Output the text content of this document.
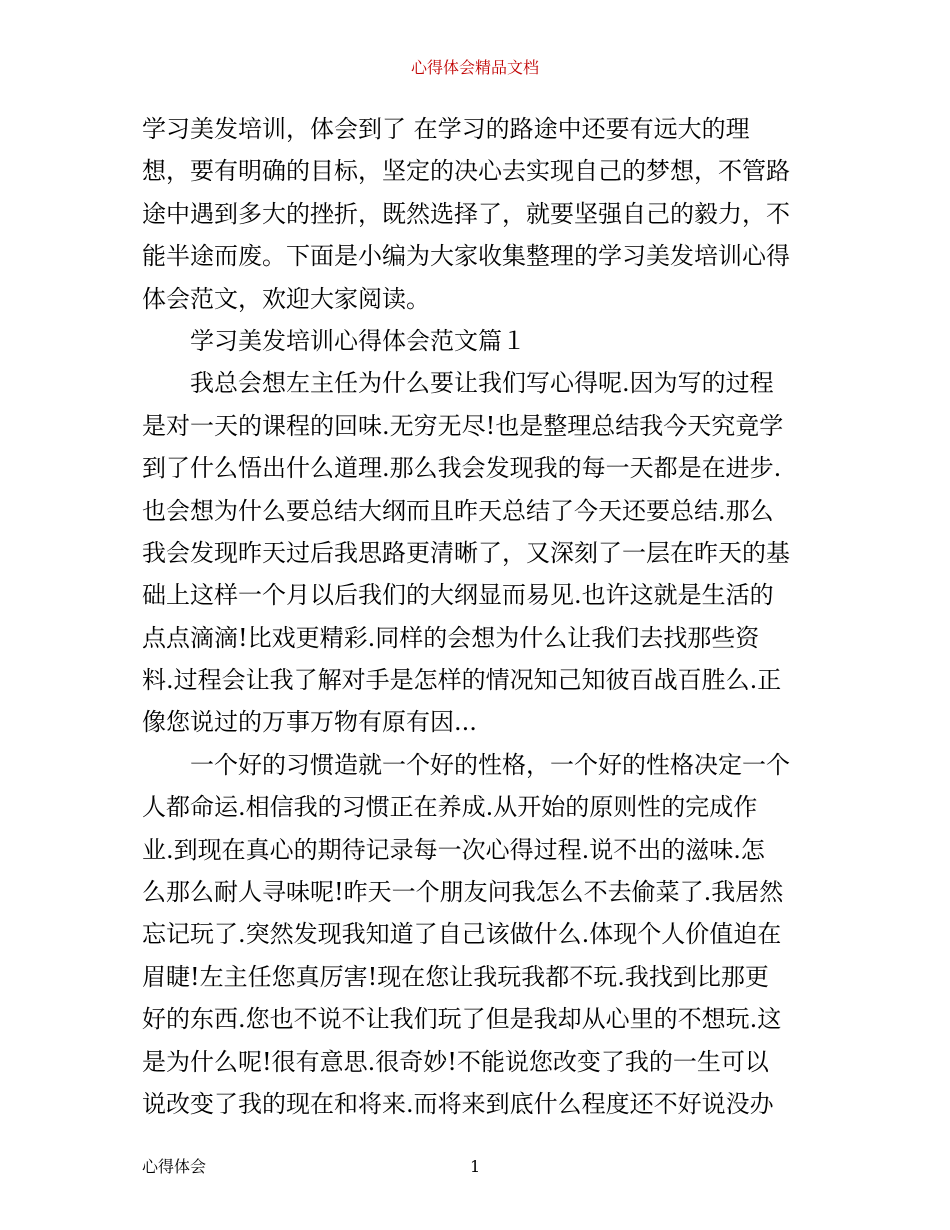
心得体会精品文档
学习美发培训，体会到了 在学习的路途中还要有远大的理
想，要有明确的目标，坚定的决心去实现自己的梦想，不管路
途中遇到多大的挫折，既然选择了，就要坚强自己的毅力，不
能半途而废。下面是小编为大家收集整理的学习美发培训心得
体会范文，欢迎大家阅读。
学习美发培训心得体会范文篇１
我总会想左主任为什么要让我们写心得呢.因为写的过程
是对一天的课程的回味.无穷无尽!也是整理总结我今天究竟学
到了什么悟出什么道理.那么我会发现我的每一天都是在进步.
也会想为什么要总结大纲而且昨天总结了今天还要总结.那么
我会发现昨天过后我思路更清晰了，又深刻了一层在昨天的基
础上这样一个月以后我们的大纲显而易见.也许这就是生活的
点点滴滴!比戏更精彩.同样的会想为什么让我们去找那些资
料.过程会让我了解对手是怎样的情况知己知彼百战百胜么.正
像您说过的万事万物有原有因...
一个好的习惯造就一个好的性格，一个好的性格决定一个
人都命运.相信我的习惯正在养成.从开始的原则性的完成作
业.到现在真心的期待记录每一次心得过程.说不出的滋味.怎
么那么耐人寻味呢!昨天一个朋友问我怎么不去偷菜了.我居然
忘记玩了.突然发现我知道了自己该做什么.体现个人价值迫在
眉睫!左主任您真厉害!现在您让我玩我都不玩.我找到比那更
好的东西.您也不说不让我们玩了但是我却从心里的不想玩.这
是为什么呢!很有意思.很奇妙!不能说您改变了我的一生可以
说改变了我的现在和将来.而将来到底什么程度还不好说没办
心得体会	1
